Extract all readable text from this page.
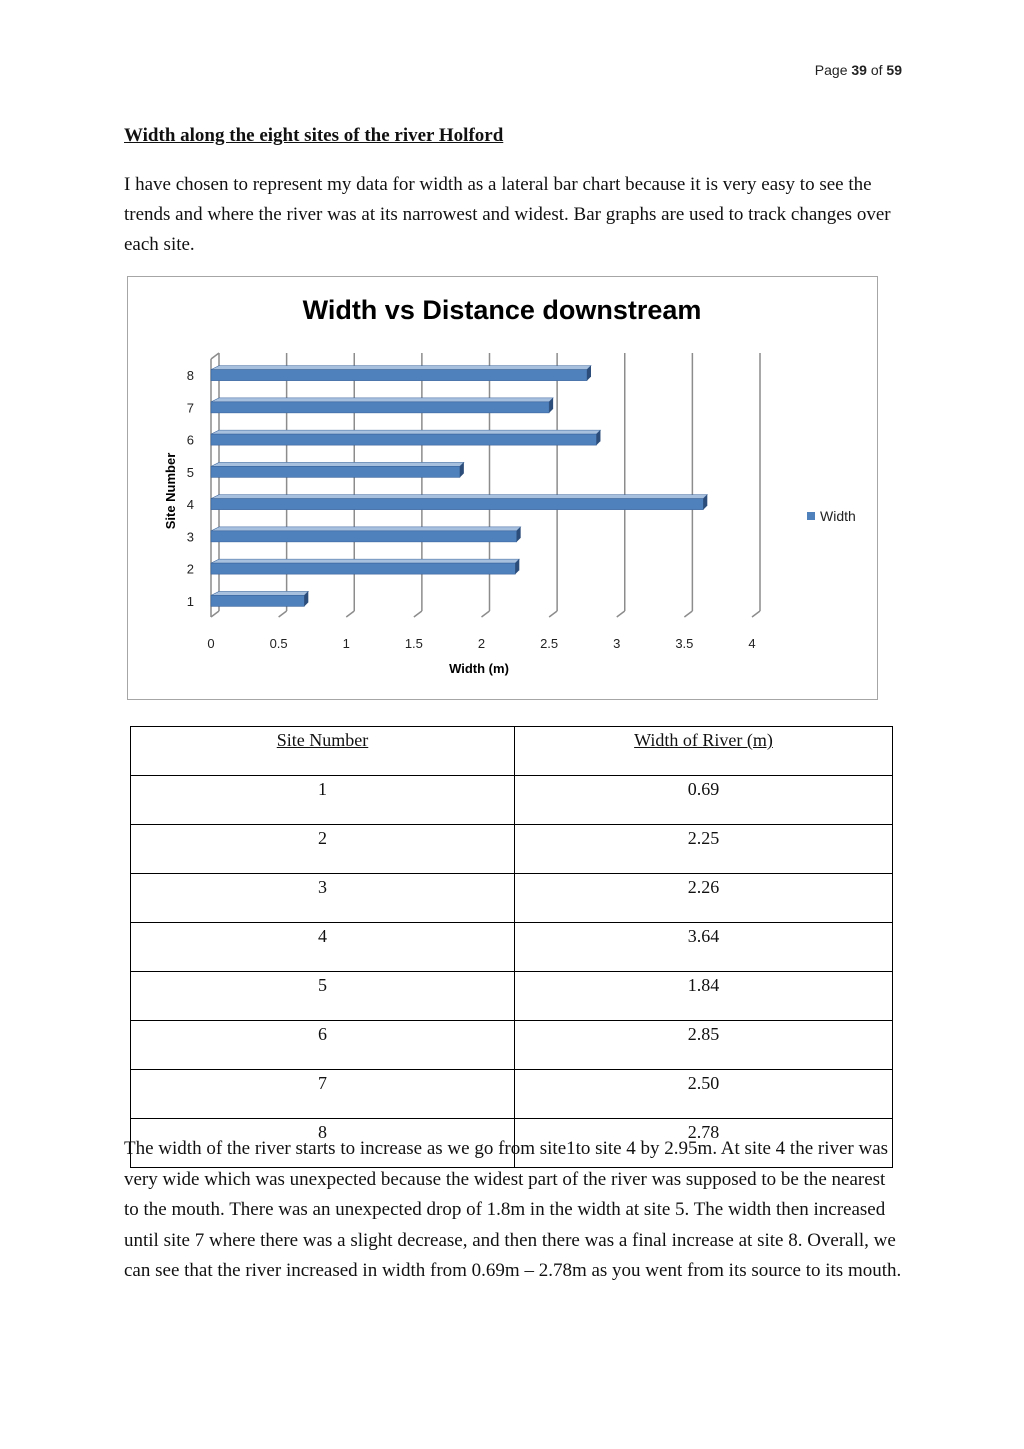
Page 39 of 59
Width along the eight sites of the river Holford

I have chosen to represent my data for width as a lateral bar chart because it is very easy to see the trends and where the river was at its narrowest and widest. Bar graphs are used to track changes over each site.

Width vs Distance downstream
1
2
3
4
5
6
7
8
0	0.5	1	1.5	2	2.5	3	3.5	4
Width (m)
Site Number	Width
Site Number	Width of River (m)
1	0.69
2	2.25
3	2.26
4	3.64
5	1.84
6	2.85
7	2.50
8	2.78

The width of the river starts to increase as we go from site1to site 4 by 2.95m. At site 4 the river was very wide which was unexpected because the widest part of the river was supposed to be the nearest to the mouth. There was an unexpected drop of 1.8m in the width at site 5. The width then increased until site 7 where there was a slight decrease, and then there was a final increase at site 8. Overall, we can see that the river increased in width from 0.69m – 2.78m as you went from its source to its mouth.
